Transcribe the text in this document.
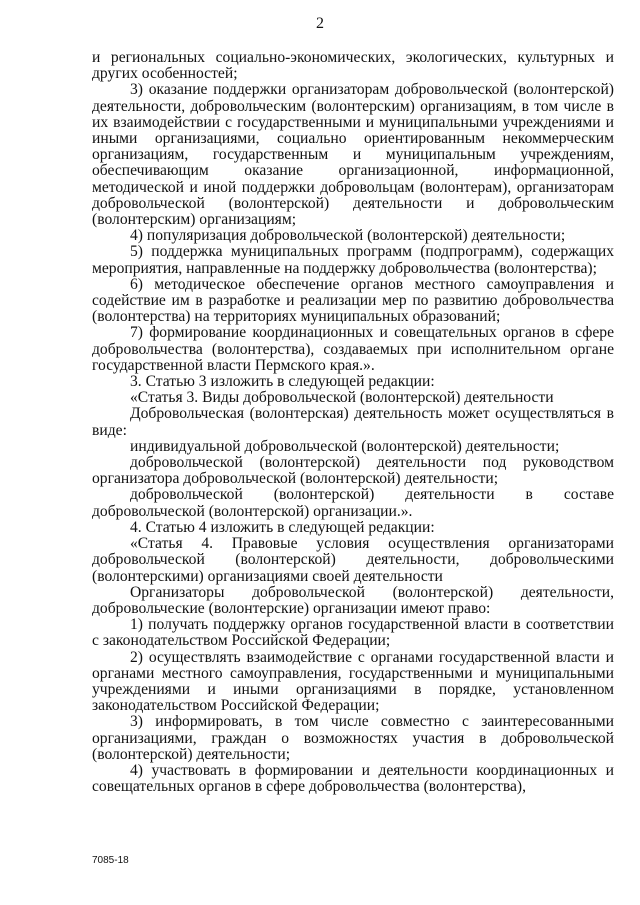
2

и региональных социально-экономических, экологических, культурных и других особенностей;

3) оказание поддержки организаторам добровольческой (волонтерской) деятельности, добровольческим (волонтерским) организациям, в том числе в их взаимодействии с государственными и муниципальными учреждениями и иными организациями, социально ориентированным некоммерческим организациям, государственным и муниципальным учреждениям, обеспечивающим оказание организационной, информационной, методической и иной поддержки добровольцам (волонтерам), организаторам добровольческой (волонтерской) деятельности и добровольческим (волонтерским) организациям;

4) популяризация добровольческой (волонтерской) деятельности;

5) поддержка муниципальных программ (подпрограмм), содержащих мероприятия, направленные на поддержку добровольчества (волонтерства);

6) методическое обеспечение органов местного самоуправления и содействие им в разработке и реализации мер по развитию добровольчества (волонтерства) на территориях муниципальных образований;

7) формирование координационных и совещательных органов в сфере добровольчества (волонтерства), создаваемых при исполнительном органе государственной власти Пермского края.».

3. Статью 3 изложить в следующей редакции:

«Статья 3. Виды добровольческой (волонтерской) деятельности

Добровольческая (волонтерская) деятельность может осуществляться в виде:

индивидуальной добровольческой (волонтерской) деятельности;

добровольческой (волонтерской) деятельности под руководством организатора добровольческой (волонтерской) деятельности;

добровольческой (волонтерской) деятельности в составе добровольческой (волонтерской) организации.».

4. Статью 4 изложить в следующей редакции:

«Статья 4. Правовые условия осуществления организаторами добровольческой (волонтерской) деятельности, добровольческими (волонтерскими) организациями своей деятельности

Организаторы добровольческой (волонтерской) деятельности, добровольческие (волонтерские) организации имеют право:

1) получать поддержку органов государственной власти в соответствии с законодательством Российской Федерации;

2) осуществлять взаимодействие с органами государственной власти и органами местного самоуправления, государственными и муниципальными учреждениями и иными организациями в порядке, установленном законодательством Российской Федерации;

3) информировать, в том числе совместно с заинтересованными организациями, граждан о возможностях участия в добровольческой (волонтерской) деятельности;

4) участвовать в формировании и деятельности координационных и совещательных органов в сфере добровольчества (волонтерства),

7085-18
